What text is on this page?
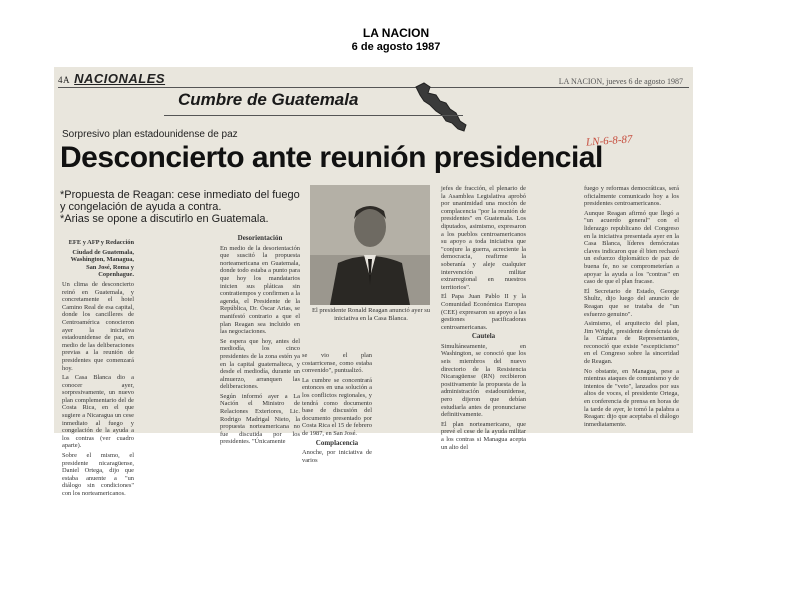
LA NACION
6 de agosto 1987
4A NACIONALES	LA NACION, jueves 6 de agosto 1987
Cumbre de Guatemala
LN-6-8-87
Sorpresivo plan estadounidense de paz
Desconcierto ante reunión presidencial
*Propuesta de Reagan: cese inmediato del fuego y congelación de ayuda a contra.
*Arias se opone a discutirlo en Guatemala.

EFE y AFP y Redacción

Ciudad de Guatemala, Washington, Managua, San José, Roma y Copenhague.

Un clima de desconcierto reinó en Guatemala, y concretamente el hotel Camino Real de esa capital, donde los cancilleres de Centroamérica conocieron ayer la iniciativa estadounidense de paz, en medio de las deliberaciones previas a la reunión de presidentes que comenzará hoy.

La Casa Blanca dio a conocer ayer, sorpresivamente, un nuevo plan complementario del de Costa Rica, en el que sugiere a Nicaragua un cese inmediato al fuego y congelación de la ayuda a los contras (ver cuadro aparte).

Sobre el mismo, el presidente nicaragüense, Daniel Ortega, dijo que estaba anuente a "un diálogo sin condiciones" con los norteamericanos.

Desorientación

En medio de la desorientación que suscitó la propuesta norteamericana en Guatemala, donde todo estaba a punto para que hoy los mandatarios inicien sus pláticas sin contratiempos y confirmen a la agenda, el Presidente de la República, Dr. Óscar Arias, se manifestó contrario a que el plan Reagan sea incluido en las negociaciones.

Se espera que hoy, antes del mediodía, los cinco presidentes de la zona estén ya en la capital guatemalteca, y desde el mediodía, durante un almuerzo, arranquen las deliberaciones.

Según informó ayer a La Nación el Ministro de Relaciones Exteriores, Lic. Rodrigo Madrigal Nieto, la propuesta norteamericana no fue discutida por los presidentes. "Únicamente

El presidente Ronald Reagan anunció ayer su iniciativa en la Casa Blanca.

se vio el plan costarricense, como estaba convenido", puntualizó.

La cumbre se concentrará entonces en una solución a los conflictos regionales, y tendrá como documento base de discusión del documento presentado por Costa Rica el 15 de febrero de 1987, en San José.

Complacencia

Anoche, por iniciativa de varios

jefes de fracción, el plenario de la Asamblea Legislativa aprobó por unanimidad una moción de complacencia "por la reunión de presidentes" en Guatemala. Los diputados, asimismo, expresaron a los pueblos centroamericanos su apoyo a toda iniciativa que "conjure la guerra, acreciente la democracia, reafirme la soberanía y aleje cualquier intervención militar extrarregional en nuestros territorios".

El Papa Juan Pablo II y la Comunidad Económica Europea (CEE) expresaron su apoyo a las gestiones pacificadoras centroamericanas.

Cautela

Simultáneamente, en Washington, se conoció que los seis miembros del nuevo directorio de la Resistencia Nicaragüense (RN) recibieron positivamente la propuesta de la administración estadounidense, pero dijeron que debían estudiarla antes de pronunciarse definitivamente.

El plan norteamericano, que prevé el cese de la ayuda militar a los contras si Managua acepta un alto del

fuego y reformas democráticas, será oficialmente comunicado hoy a los presidentes centroamericanos.

Aunque Reagan afirmó que llegó a "un acuerdo general" con el liderazgo republicano del Congreso en la iniciativa presentada ayer en la Casa Blanca, líderes demócratas claves indicaron que él bien rechazó un esfuerzo diplomático de paz de buena fe, no se comprometerían a apoyar la ayuda a los "contras" en caso de que el plan fracase.

El Secretario de Estado, George Shultz, dijo luego del anuncio de Reagan que se trataba de "un esfuerzo genuino".

Asimismo, el arquitecto del plan, Jim Wright, presidente demócrata de la Cámara de Representantes, reconoció que existe "escepticismo" en el Congreso sobre la sinceridad de Reagan.

No obstante, en Managua, pese a mientras ataques de comunismo y de intentos de "veto", lanzados por sus altos de voces, el presidente Ortega, en conferencia de prensa en horas de la tarde de ayer, le tomó la palabra a Reagan: dijo que aceptaba el diálogo inmediatamente.
